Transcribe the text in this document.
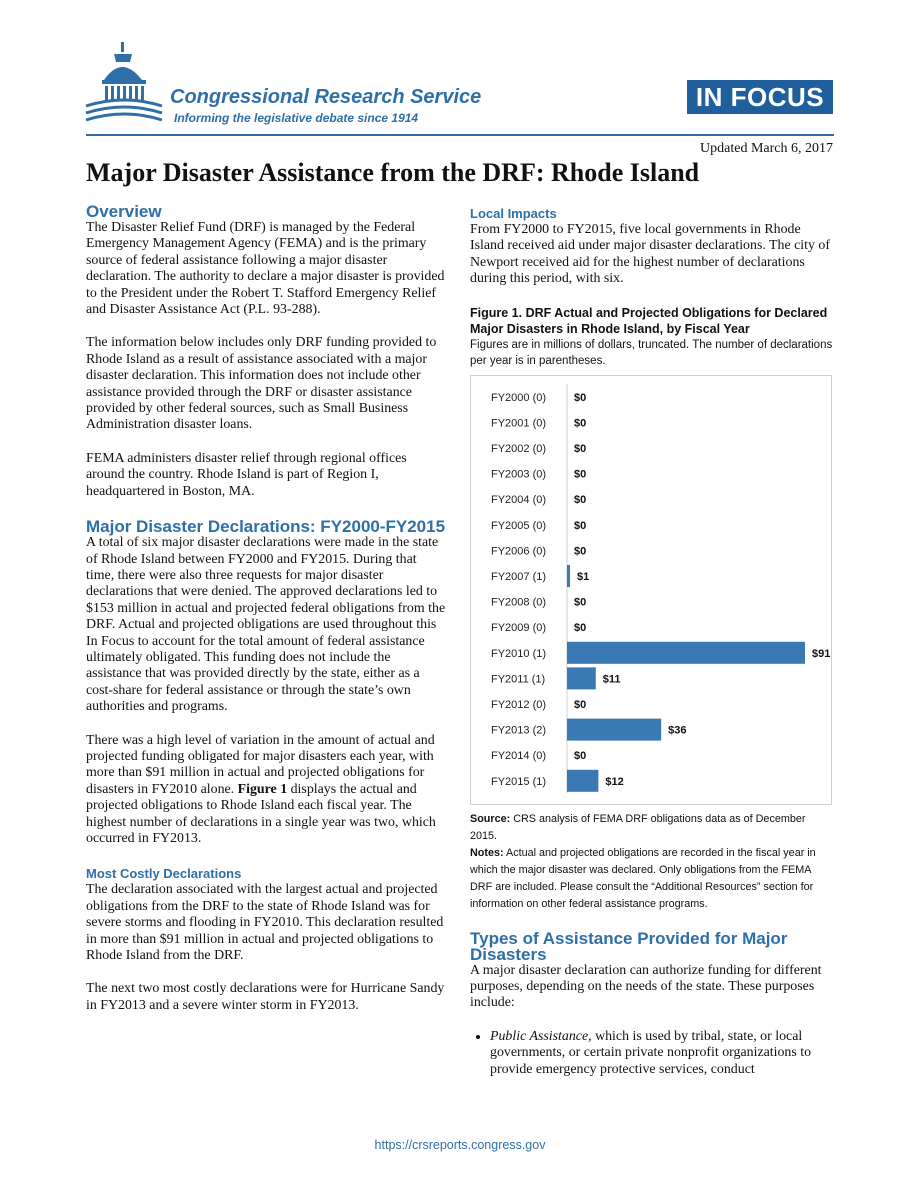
Congressional Research Service
Informing the legislative debate since 1914
IN FOCUS
Updated March 6, 2017
Major Disaster Assistance from the DRF: Rhode Island
Overview

The Disaster Relief Fund (DRF) is managed by the Federal Emergency Management Agency (FEMA) and is the primary source of federal assistance following a major disaster declaration. The authority to declare a major disaster is provided to the President under the Robert T. Stafford Emergency Relief and Disaster Assistance Act (P.L. 93-288).

The information below includes only DRF funding provided to Rhode Island as a result of assistance associated with a major disaster declaration. This information does not include other assistance provided through the DRF or disaster assistance provided by other federal sources, such as Small Business Administration disaster loans.

FEMA administers disaster relief through regional offices around the country. Rhode Island is part of Region I, headquartered in Boston, MA.

Major Disaster Declarations: FY2000-FY2015

A total of six major disaster declarations were made in the state of Rhode Island between FY2000 and FY2015. During that time, there were also three requests for major disaster declarations that were denied. The approved declarations led to $153 million in actual and projected federal obligations from the DRF. Actual and projected obligations are used throughout this In Focus to account for the total amount of federal assistance ultimately obligated. This funding does not include the assistance that was provided directly by the state, either as a cost-share for federal assistance or through the state’s own authorities and programs.

There was a high level of variation in the amount of actual and projected funding obligated for major disasters each year, with more than $91 million in actual and projected obligations for disasters in FY2010 alone. Figure 1 displays the actual and projected obligations to Rhode Island each fiscal year. The highest number of declarations in a single year was two, which occurred in FY2013.

Most Costly Declarations

The declaration associated with the largest actual and projected obligations from the DRF to the state of Rhode Island was for severe storms and flooding in FY2010. This declaration resulted in more than $91 million in actual and projected obligations to Rhode Island from the DRF.

The next two most costly declarations were for Hurricane Sandy in FY2013 and a severe winter storm in FY2013.

Local Impacts

From FY2000 to FY2015, five local governments in Rhode Island received aid under major disaster declarations. The city of Newport received aid for the highest number of declarations during this period, with six.

Figure 1. DRF Actual and Projected Obligations for Declared Major Disasters in Rhode Island, by Fiscal Year

Figures are in millions of dollars, truncated. The number of declarations per year is in parentheses.

FY2000 (0)	$0
FY2001 (0)	$0
FY2002 (0)	$0
FY2003 (0)	$0
FY2004 (0)	$0
FY2005 (0)	$0
FY2006 (0)	$0
FY2007 (1)	$1
FY2008 (0)	$0
FY2009 (0)	$0
FY2010 (1)	$91
FY2011 (1)	$11
FY2012 (0)	$0
FY2013 (2)	$36
FY2014 (0)	$0
FY2015 (1)	$12

Source: CRS analysis of FEMA DRF obligations data as of December 2015.

Notes: Actual and projected obligations are recorded in the fiscal year in which the major disaster was declared. Only obligations from the FEMA DRF are included. Please consult the “Additional Resources” section for information on other federal assistance programs.

Types of Assistance Provided for Major Disasters

A major disaster declaration can authorize funding for different purposes, depending on the needs of the state. These purposes include:

• Public Assistance, which is used by tribal, state, or local governments, or certain private nonprofit organizations to provide emergency protective services, conduct
https://crsreports.congress.gov
